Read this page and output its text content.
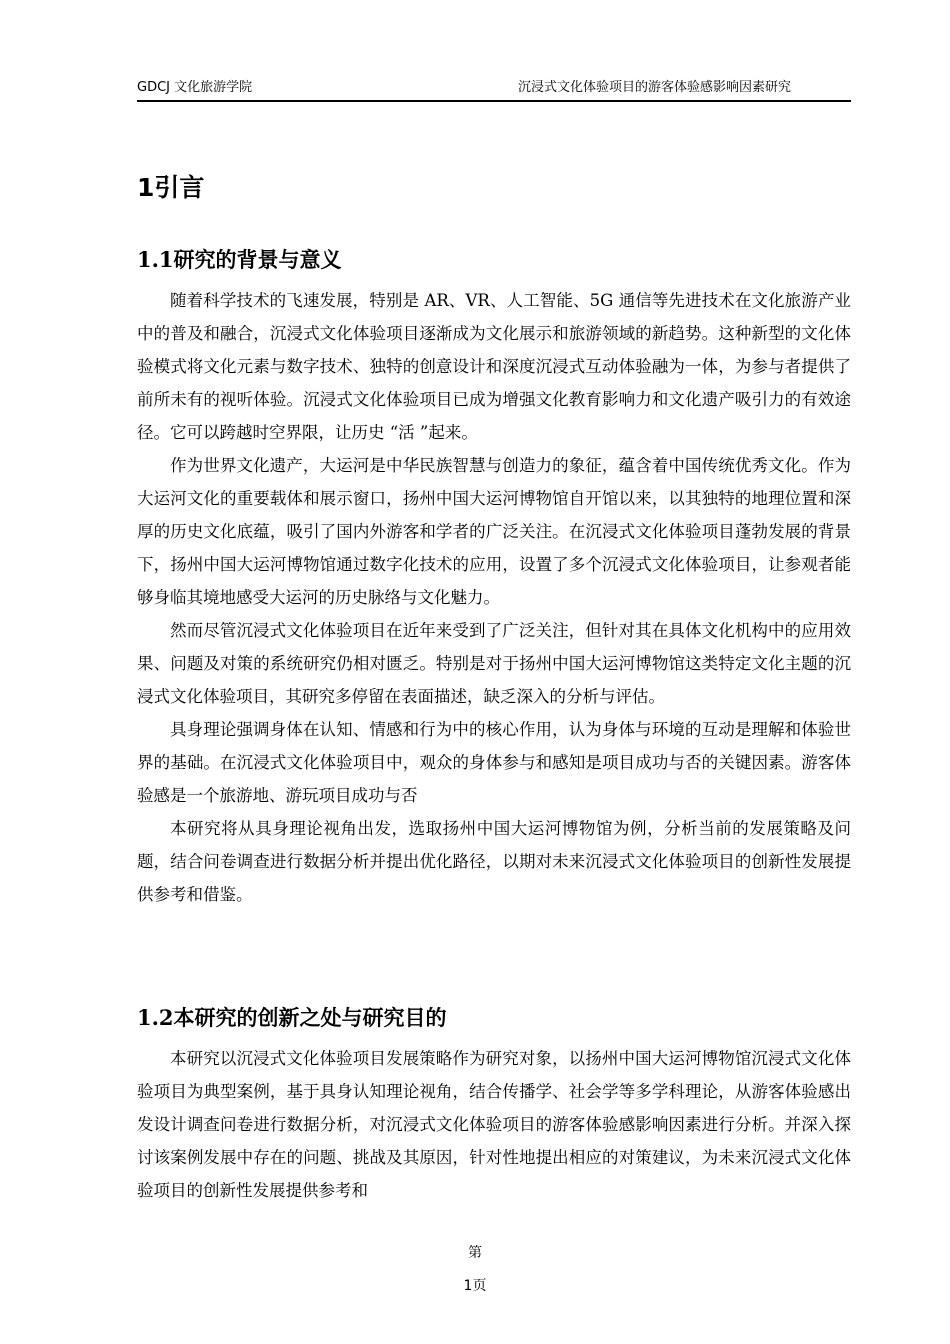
GDCJ 文化旅游学院	沉浸式文化体验项目的游客体验感影响因素研究
1引言
1.1研究的背景与意义

随着科学技术的飞速发展，特别是 AR、VR、人工智能、5G 通信等先进技术在文化旅游产业中的普及和融合，沉浸式文化体验项目逐渐成为文化展示和旅游领域的新趋势。这种新型的文化体验模式将文化元素与数字技术、独特的创意设计和深度沉浸式互动体验融为一体，为参与者提供了前所未有的视听体验。沉浸式文化体验项目已成为增强文化教育影响力和文化遗产吸引力的有效途径。它可以跨越时空界限，让历史 “活 ”起来。

作为世界文化遗产，大运河是中华民族智慧与创造力的象征，蕴含着中国传统优秀文化。作为大运河文化的重要载体和展示窗口，扬州中国大运河博物馆自开馆以来，以其独特的地理位置和深厚的历史文化底蕴，吸引了国内外游客和学者的广泛关注。在沉浸式文化体验项目蓬勃发展的背景下，扬州中国大运河博物馆通过数字化技术的应用，设置了多个沉浸式文化体验项目，让参观者能够身临其境地感受大运河的历史脉络与文化魅力。

然而尽管沉浸式文化体验项目在近年来受到了广泛关注，但针对其在具体文化机构中的应用效果、问题及对策的系统研究仍相对匮乏。特别是对于扬州中国大运河博物馆这类特定文化主题的沉浸式文化体验项目，其研究多停留在表面描述，缺乏深入的分析与评估。

具身理论强调身体在认知、情感和行为中的核心作用，认为身体与环境的互动是理解和体验世界的基础。在沉浸式文化体验项目中，观众的身体参与和感知是项目成功与否的关键因素。游客体验感是一个旅游地、游玩项目成功与否

本研究将从具身理论视角出发，选取扬州中国大运河博物馆为例，分析当前的发展策略及问题，结合问卷调查进行数据分析并提出优化路径，以期对未来沉浸式文化体验项目的创新性发展提供参考和借鉴。

1.2本研究的创新之处与研究目的

本研究以沉浸式文化体验项目发展策略作为研究对象，以扬州中国大运河博物馆沉浸式文化体验项目为典型案例，基于具身认知理论视角，结合传播学、社会学等多学科理论，从游客体验感出发设计调查问卷进行数据分析，对沉浸式文化体验项目的游客体验感影响因素进行分析。并深入探讨该案例发展中存在的问题、挑战及其原因，针对性地提出相应的对策建议，为未来沉浸式文化体验项目的创新性发展提供参考和

第
1页
